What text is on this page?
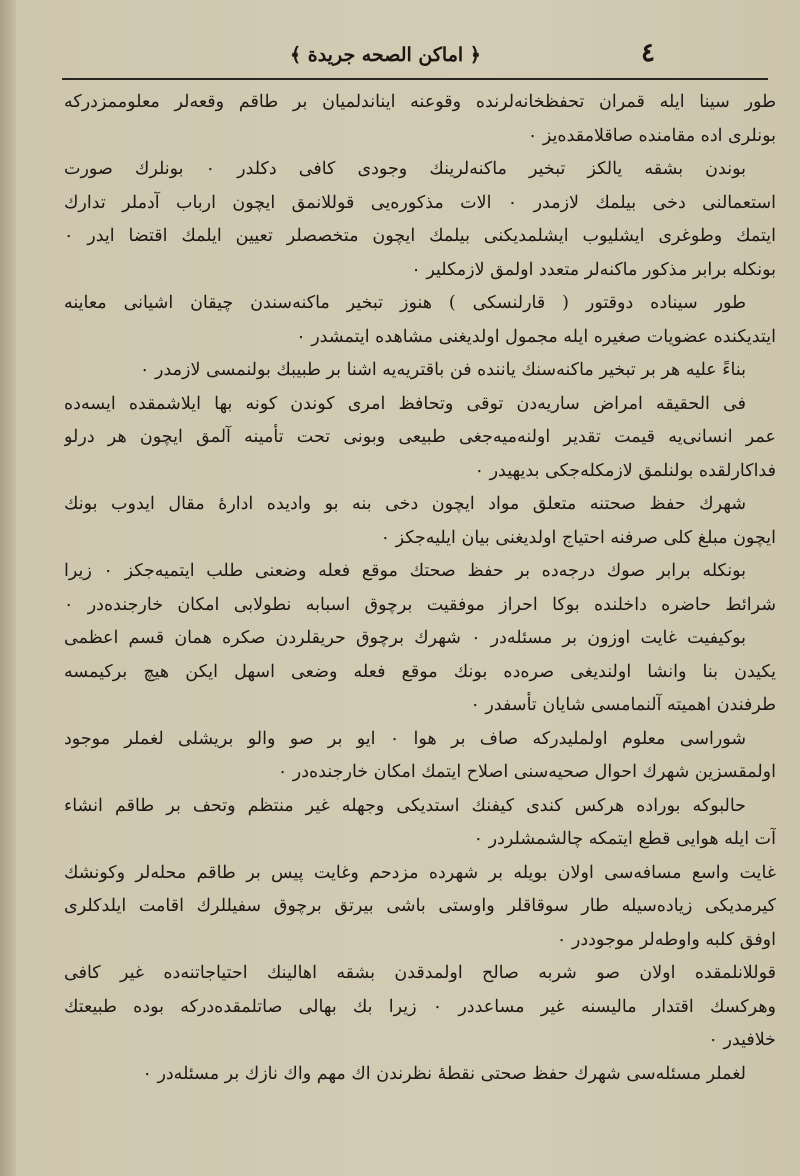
٤
﴿ اماكن الصحه جريدة ﴾
طور سينا ايله قمران تحفظخانه‌لرنده وقوعنه ايناندلميان بر طاقم وقعه‌لر معلوممزدرکه
بونلری اده مقامنده صاقلامقده‌يز ٠
بوندن بشقه يالکز تبخير ماکنه‌لرينك وجودی کافی دکلدر ٠ بونلرك صورت
استعمالنی دخی بيلمك لازمدر ٠ الات مذکوره‌يی قوللانمق ايچون ارباب آدملر تدارك
ايتمك وطوغری ايشليوب ايشلمديکنی بيلمك ايچون متخصصلر تعيين ايلمك اقتضا ايدر ٠
بونکله برابر مذکور ماکنه‌لر متعدد اولمق لازمکلير ٠
طور سيناده دوقتور ( قارلنسکی ) هنوز تبخير ماکنه‌سندن چيقان اشيانی معاينه
ايتديکنده عضويات صغيره ايله مجمول اولديغنی مشاهده ايتمشدر ٠
بناءً عليه هر بر تبخير ماکنه‌سنك ياننده فن باقتريه‌يه اشنا بر طبيبك بولنمسی لازمدر ٠
فی الحقيقه امراض ساريه‌دن توقی وتحافظ امری کوندن کونه بها ايلاشمقده ايسه‌ده
عمر انسانی‌يه قيمت تقدير اولنه‌ميه‌جغی طبيعی وبونی تحت تأمينه آلمق ايچون هر درلو
فداکارلقده بولنلمق لازمکله‌جکی بديهيدر ٠
شهرك حفظ صحتنه متعلق مواد ايچون دخی بنه بو واديده ادارهٔ مقال ايدوب بونك
ايچون مبلغ کلی صرفنه احتياج اولديغنی بيان ايليه‌جکز ٠
بونکله برابر صوك درجه‌ده بر حفظ صحتك موقع فعله وضعنی طلب ايتميه‌جکز ٠ زيرا
شرائط حاضره داخلنده بوکا احراز موفقيت برچوق اسبابه نطولابی امکان خارجنده‌در ٠
بوکيفيت غايت اوزون بر مسئله‌در ٠ شهرك برچوق حريقلردن صکره همان قسم اعظمی
يکيدن بنا وانشا اولنديغی صره‌ده بونك موقع فعله وضعی اسهل ايکن هيچ برکيمسه
طرفندن اهميته آلنمامسی شايان تأسفدر ٠
شوراسی معلوم اولمليدرکه صاف بر هوا ٠ ايو بر صو والو بريشلی لغملر موجود
اولمقسزين شهرك احوال صحيه‌سنی اصلاح ايتمك امکان خارجنده‌در ٠
حالبوکه بوراده هرکس کندی کيفنك استديکی وجهله غير منتظم وتحف بر طاقم انشاء
آت ايله هوايی قطع ايتمکه چالشمشلردر ٠
غايت واسع مسافه‌سی اولان بويله بر شهرده مزدحم وغايت پيس بر طاقم محله‌لر وکونشك
کيرمديکی زياده‌سيله طار سوقاقلر واوستی باشی بيرتق برچوق سفيللرك اقامت ايلدکلری
اوفق کلبه واوطه‌لر موجوددر ٠
قوللانلمقده اولان صو شربه صالح اولمدقدن بشقه اهالينك احتياجاتنه‌ده غير کافی
وهرکسك اقتدار ماليسنه غير مساعددر ٠ زيرا بك بهالی صاتلمقده‌درکه بوده طبيعتك
خلافيدر ٠
لغملر مسئله‌سی شهرك حفظ صحتی نقطهٔ نظرندن اك مهم واك نازك بر مسئله‌در ٠
